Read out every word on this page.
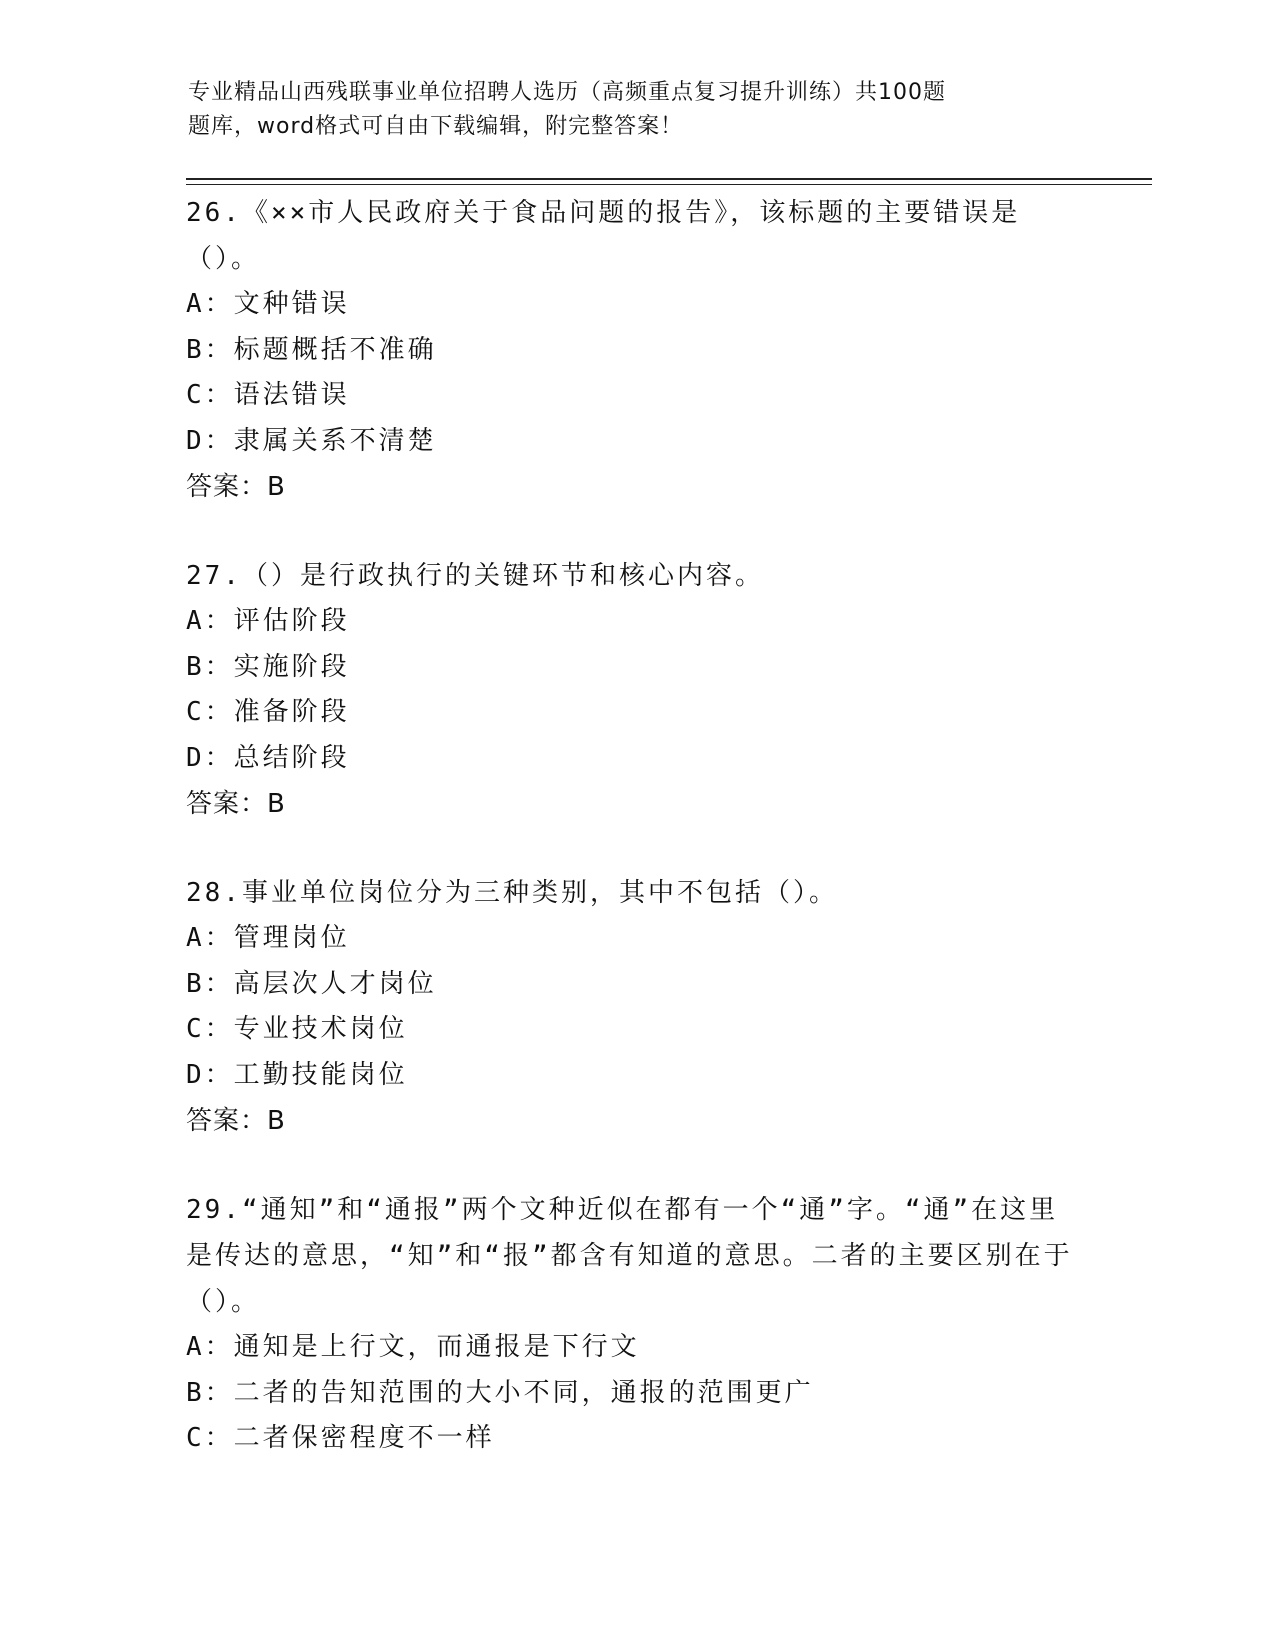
专业精品山西残联事业单位招聘人选历（高频重点复习提升训练）共100题
题库，word格式可自由下载编辑，附完整答案！

26.《××市人民政府关于食品问题的报告》，该标题的主要错误是（）。

A：文种错误

B：标题概括不准确

C：语法错误

D：隶属关系不清楚

答案：B

27.（）是行政执行的关键环节和核心内容。

A：评估阶段

B：实施阶段

C：准备阶段

D：总结阶段

答案：B

28.事业单位岗位分为三种类别，其中不包括（）。

A：管理岗位

B：高层次人才岗位

C：专业技术岗位

D：工勤技能岗位

答案：B

29.“通知”和“通报”两个文种近似在都有一个“通”字。“通”在这里是传达的意思，“知”和“报”都含有知道的意思。二者的主要区别在于（）。

A：通知是上行文，而通报是下行文

B：二者的告知范围的大小不同，通报的范围更广

C：二者保密程度不一样
